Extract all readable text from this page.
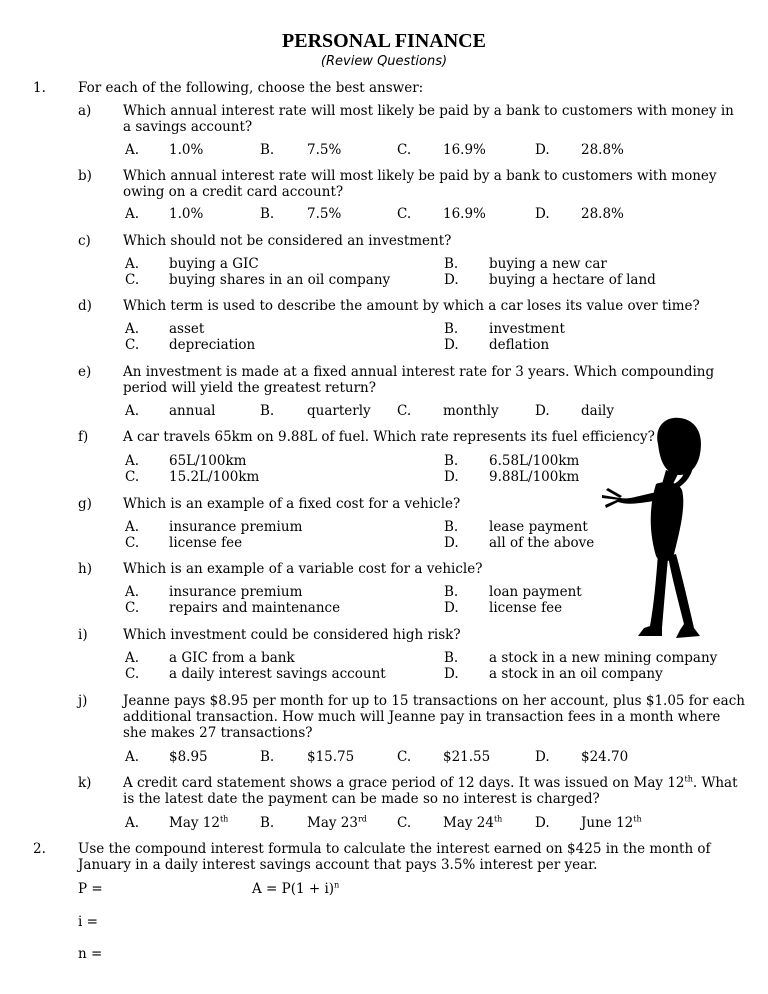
PERSONAL FINANCE
(Review Questions)
1. For each of the following, choose the best answer:
a) Which annual interest rate will most likely be paid by a bank to customers with money in
a savings account?
A. 1.0%	B. 7.5%	C. 16.9%	D. 28.8%
b) Which annual interest rate will most likely be paid by a bank to customers with money
owing on a credit card account?
A. 1.0%	B. 7.5%	C. 16.9%	D. 28.8%
c) Which should not be considered an investment?
A. buying a GIC	B. buying a new car
C. buying shares in an oil company	D. buying a hectare of land
d) Which term is used to describe the amount by which a car loses its value over time?
A. asset	B. investment
C. depreciation	D. deflation
e) An investment is made at a fixed annual interest rate for 3 years. Which compounding
period will yield the greatest return?
A. annual	B. quarterly C. monthly	D. daily
f)	A car travels 65km on 9.88L of fuel. Which rate represents its fuel efficiency?
A. 65L/100km	B. 6.58L/100km
C. 15.2L/100km	D. 9.88L/100km
g) Which is an example of a fixed cost for a vehicle?
A. insurance premium	B. lease payment
C. license fee	D. all of the above
h) Which is an example of a variable cost for a vehicle?
A. insurance premium	B. loan payment
C. repairs and maintenance	D. license fee
i)	Which investment could be considered high risk?
A. a GIC from a bank	B. a stock in a new mining company
C. a daily interest savings account	D. a stock in an oil company
j)	Jeanne pays $8.95 per month for up to 15 transactions on her account, plus $1.05 for each
additional transaction. How much will Jeanne pay in transaction fees in a month where
she makes 27 transactions?
A. $8.95	B. $15.75	C. $21.55	D. $24.70
k) A credit card statement shows a grace period of 12 days. It was issued on May 12th. What
is the latest date the payment can be made so no interest is charged?
A. May 12th B. May 23rd C. May 24th D. June 12th
2. Use the compound interest formula to calculate the interest earned on $425 in the month of
January in a daily interest savings account that pays 3.5% interest per year.
P =	$A = P(1 + i)^n$
i =
n =
